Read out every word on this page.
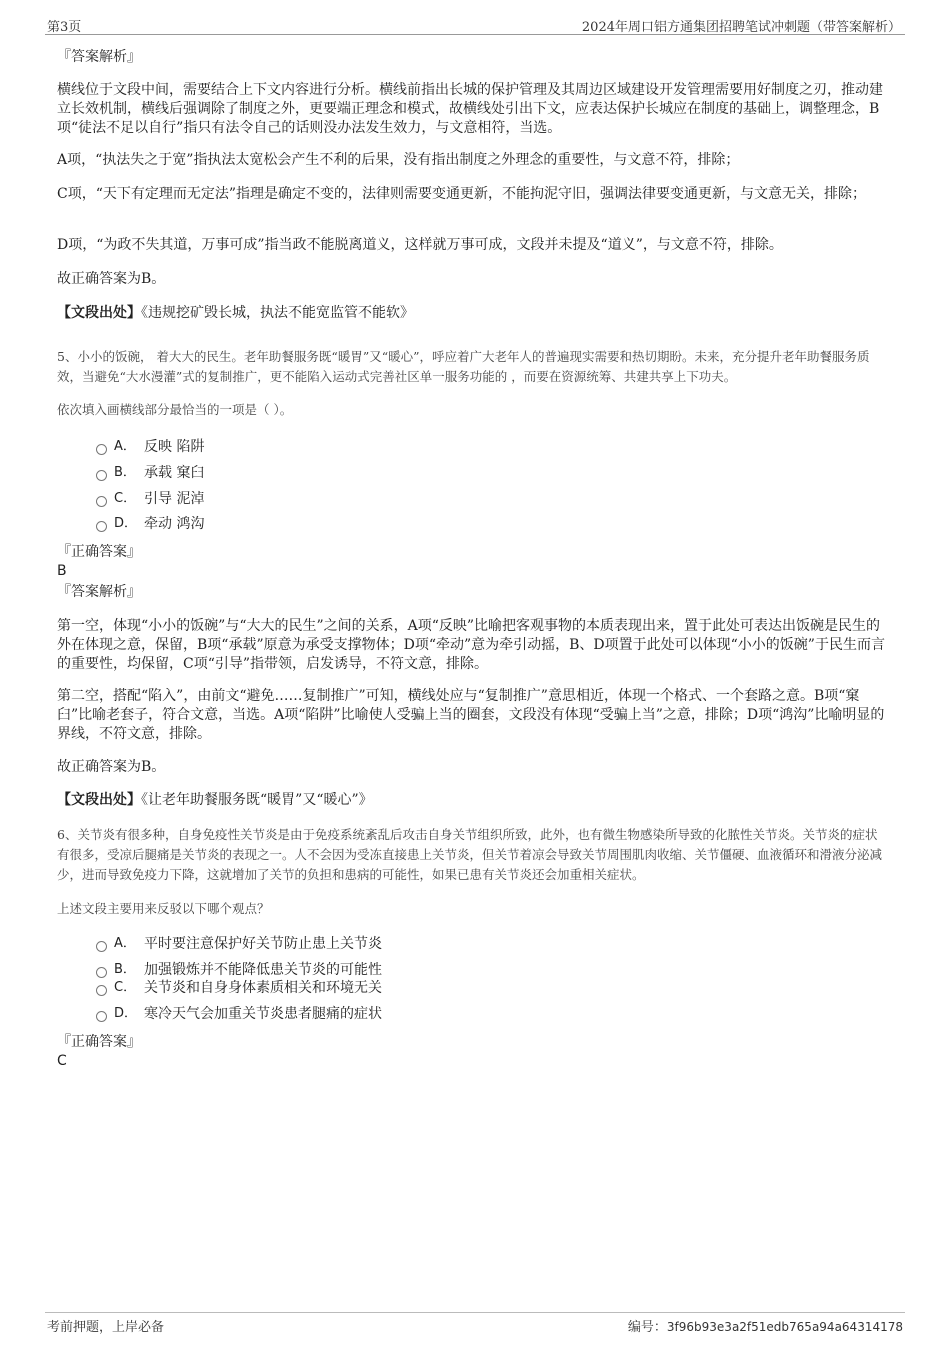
第3页	2024年周口铝方通集团招聘笔试冲刺题（带答案解析）

『答案解析』

横线位于文段中间，需要结合上下文内容进行分析。横线前指出长城的保护管理及其周边区域建设开发管理需要用好制度之刃，推动建立长效机制，横线后强调除了制度之外，更要端正理念和模式，故横线处引出下文，应表达保护长城应在制度的基础上，调整理念，B项“徒法不足以自行”指只有法令自己的话则没办法发生效力，与文意相符，当选。

A项，“执法失之于宽”指执法太宽松会产生不利的后果，没有指出制度之外理念的重要性，与文意不符，排除；

C项，“天下有定理而无定法”指理是确定不变的，法律则需要变通更新，不能拘泥守旧，强调法律要变通更新，与文意无关，排除；

D项，“为政不失其道，万事可成”指当政不能脱离道义，这样就万事可成，文段并未提及“道义”，与文意不符，排除。

故正确答案为B。

【文段出处】《违规挖矿毁长城，执法不能宽监管不能软》

5、小小的饭碗， 着大大的民生。老年助餐服务既“暖胃”又“暖心”，呼应着广大老年人的普遍现实需要和热切期盼。未来，充分提升老年助餐服务质效，当避免“大水漫灌”式的复制推广，更不能陷入运动式完善社区单一服务功能的 ，而要在资源统筹、共建共享上下功夫。

依次填入画横线部分最恰当的一项是（ ）。

A． 反映 陷阱
B． 承载 窠臼
C． 引导 泥淖
D． 牵动 鸿沟

『正确答案』

B

『答案解析』

第一空，体现“小小的饭碗”与“大大的民生”之间的关系，A项“反映”比喻把客观事物的本质表现出来，置于此处可表达出饭碗是民生的外在体现之意，保留，B项“承载”原意为承受支撑物体；D项“牵动”意为牵引动摇，B、D项置于此处可以体现“小小的饭碗”于民生而言的重要性，均保留，C项“引导”指带领，启发诱导，不符文意，排除。

第二空，搭配“陷入”，由前文“避免……复制推广”可知，横线处应与“复制推广”意思相近，体现一个格式、一个套路之意。B项“窠臼”比喻老套子，符合文意，当选。A项“陷阱”比喻使人受骗上当的圈套，文段没有体现“受骗上当”之意，排除；D项“鸿沟”比喻明显的界线，不符文意，排除。

故正确答案为B。

【文段出处】《让老年助餐服务既“暖胃”又“暖心”》

6、关节炎有很多种，自身免疫性关节炎是由于免疫系统紊乱后攻击自身关节组织所致，此外，也有微生物感染所导致的化脓性关节炎。关节炎的症状有很多，受凉后腿痛是关节炎的表现之一。人不会因为受冻直接患上关节炎，但关节着凉会导致关节周围肌肉收缩、关节僵硬、血液循环和滑液分泌减少，进而导致免疫力下降，这就增加了关节的负担和患病的可能性，如果已患有关节炎还会加重相关症状。

上述文段主要用来反驳以下哪个观点？

A． 平时要注意保护好关节防止患上关节炎
B． 加强锻炼并不能降低患关节炎的可能性
C． 关节炎和自身身体素质相关和环境无关
D． 寒冷天气会加重关节炎患者腿痛的症状

『正确答案』

C

考前押题，上岸必备	编号：3f96b93e3a2f51edb765a94a64314178
